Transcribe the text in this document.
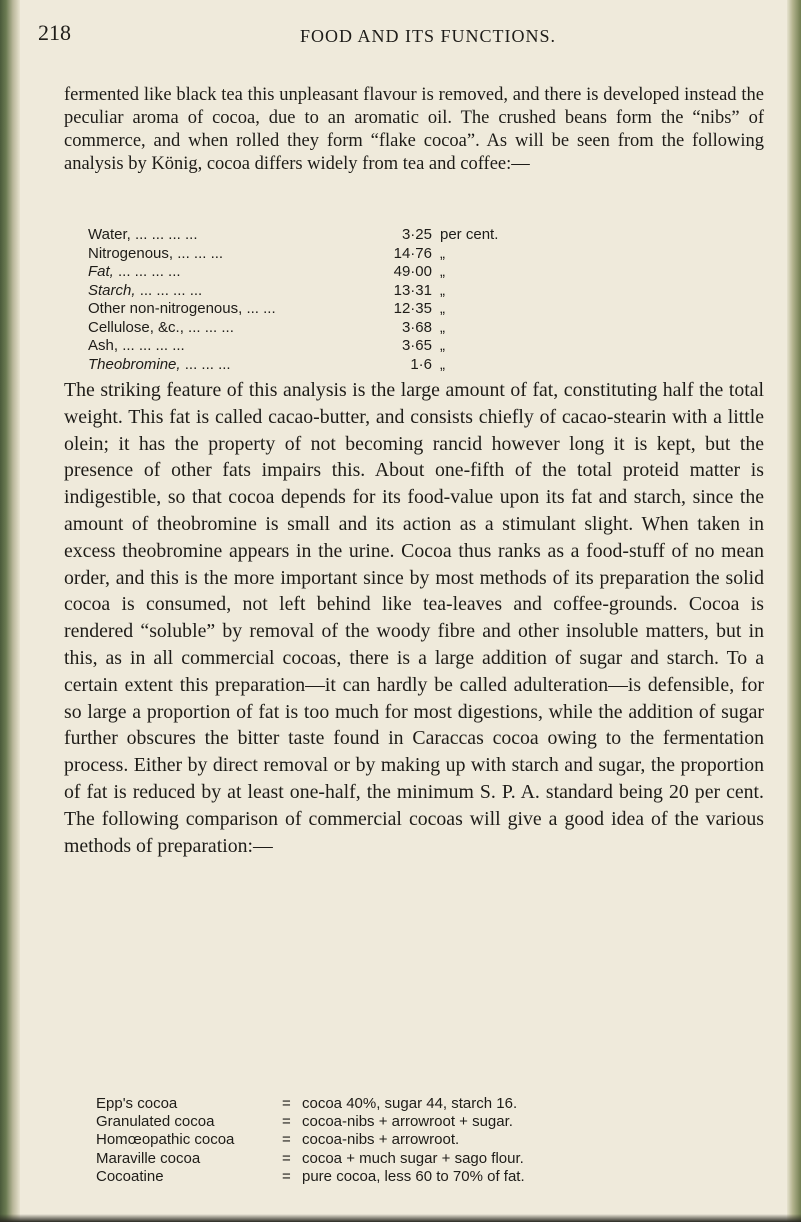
218	FOOD AND ITS FUNCTIONS.

fermented like black tea this unpleasant flavour is removed, and there is developed instead the peculiar aroma of cocoa, due to an aromatic oil. The crushed beans form the “nibs” of commerce, and when rolled they form “flake cocoa”. As will be seen from the following analysis by König, cocoa differs widely from tea and coffee:—

Water, ... ... ... ...	3·25 per cent.
Nitrogenous, ... ... ...	14·76 „
Fat, ... ... ... ...	49·00 „
Starch, ... ... ... ...	13·31 „
Other non-nitrogenous, ... ...	12·35 „
Cellulose, &c., ... ... ...	3·68 „
Ash, ... ... ... ...	3·65 „
Theobromine, ... ... ...	1·6 „

The striking feature of this analysis is the large amount of fat, constituting half the total weight. This fat is called cacao-butter, and consists chiefly of cacao-stearin with a little olein; it has the property of not becoming rancid however long it is kept, but the presence of other fats impairs this. About one-fifth of the total proteid matter is indigestible, so that cocoa depends for its food-value upon its fat and starch, since the amount of theobromine is small and its action as a stimulant slight. When taken in excess theobromine appears in the urine. Cocoa thus ranks as a food-stuff of no mean order, and this is the more important since by most methods of its preparation the solid cocoa is consumed, not left behind like tea-leaves and coffee-grounds. Cocoa is rendered “soluble” by removal of the woody fibre and other insoluble matters, but in this, as in all commercial cocoas, there is a large addition of sugar and starch. To a certain extent this preparation—it can hardly be called adulteration—is defensible, for so large a proportion of fat is too much for most digestions, while the addition of sugar further obscures the bitter taste found in Caraccas cocoa owing to the fermentation process. Either by direct removal or by making up with starch and sugar, the proportion of fat is reduced by at least one-half, the minimum S. P. A. standard being 20 per cent. The following comparison of commercial cocoas will give a good idea of the various methods of preparation:—

Epp's cocoa	= cocoa 40%, sugar 44, starch 16.
Granulated cocoa	= cocoa-nibs + arrowroot + sugar.
Homœopathic cocoa	= cocoa-nibs + arrowroot.
Maraville cocoa	= cocoa + much sugar + sago flour.
Cocoatine	= pure cocoa, less 60 to 70% of fat.
